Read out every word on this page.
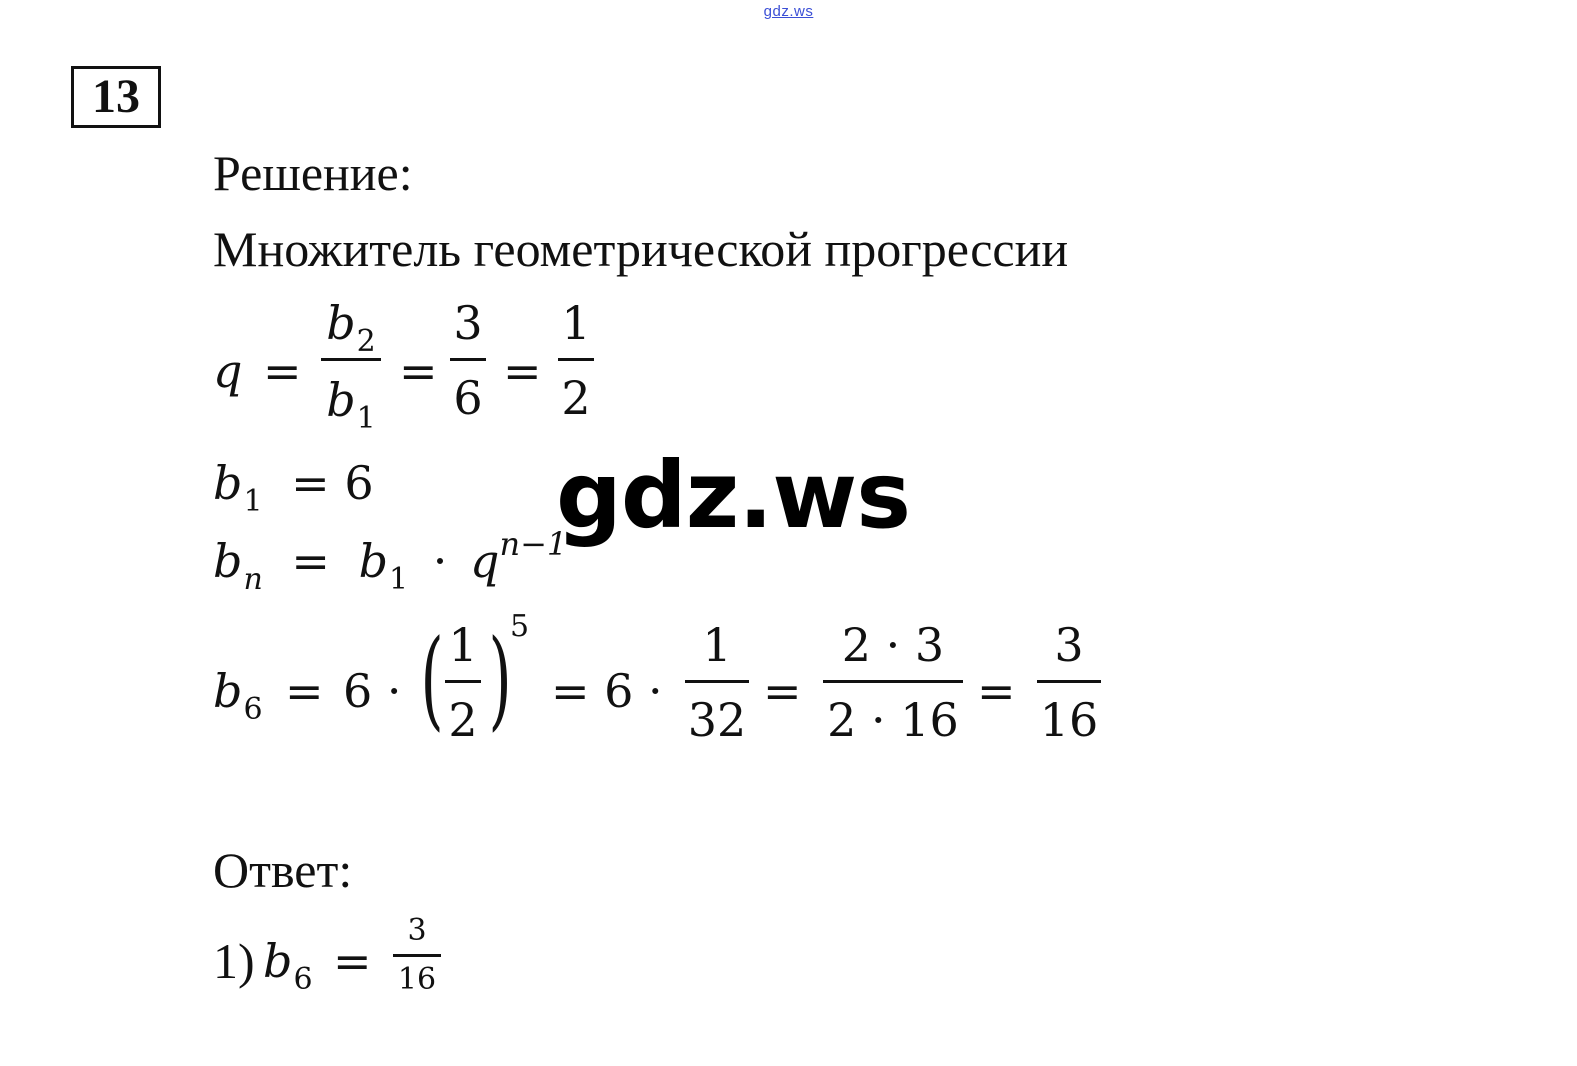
gdz.ws
13
Решение:
Множитель геометрической прогрессии
q =
$b_2$
$b_1$
=
3
6 =
1
2
$b_1 = 6$
$b_n = b_1 \cdot q^{n-1}$
$b_6 = 6$ · ( 1
2 )
5
= 6 ·
1
32
=
2 · 3
2 · 16
=
3
16
Ответ:
1) $b_6$ =
3
16
gdz.ws
